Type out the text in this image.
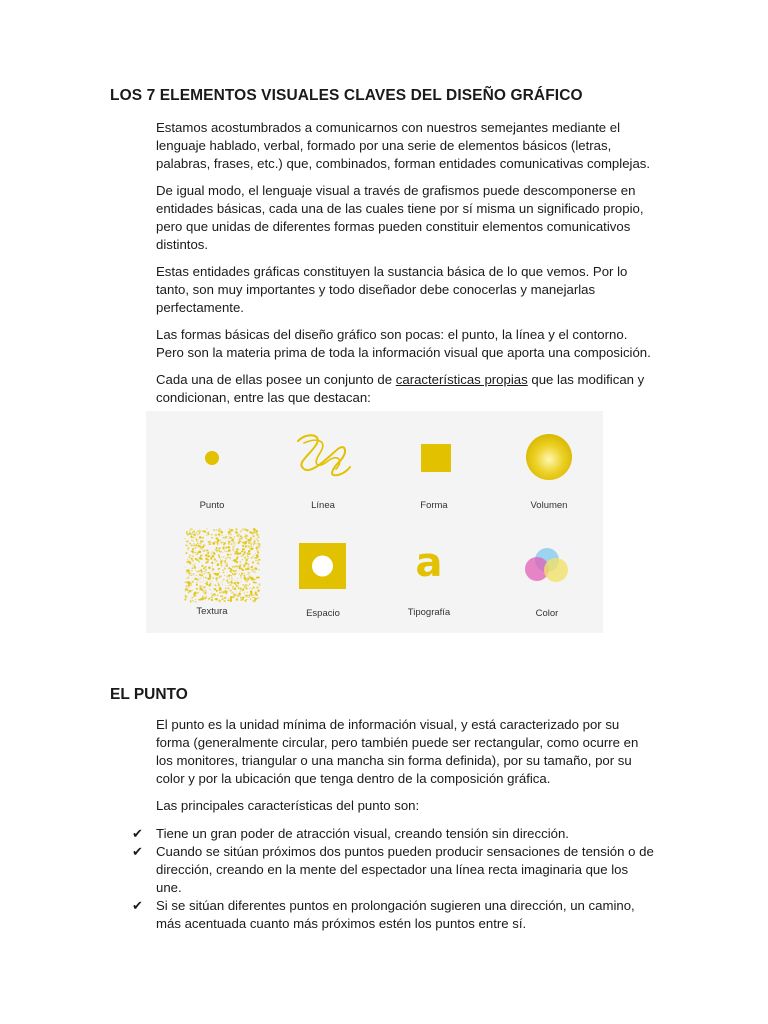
LOS 7 ELEMENTOS VISUALES CLAVES DEL DISEÑO GRÁFICO

Estamos acostumbrados a comunicarnos con nuestros semejantes mediante el lenguaje hablado, verbal, formado por una serie de elementos básicos (letras, palabras, frases, etc.) que, combinados, forman entidades comunicativas complejas.

De igual modo, el lenguaje visual a través de grafismos puede descomponerse en entidades básicas, cada una de las cuales tiene por sí misma un significado propio, pero que unidas de diferentes formas pueden constituir elementos comunicativos distintos.

Estas entidades gráficas constituyen la sustancia básica de lo que vemos. Por lo tanto, son muy importantes y todo diseñador debe conocerlas y manejarlas perfectamente.

Las formas básicas del diseño gráfico son pocas: el punto, la línea y el contorno. Pero son la materia prima de toda la información visual que aporta una composición.

Cada una de ellas posee un conjunto de características propias que las modifican y condicionan, entre las que destacan:

Punto	Línea	Forma	Volumen
Textura	Espacio
a
Tipografía	Color
EL PUNTO

El punto es la unidad mínima de información visual, y está caracterizado por su forma (generalmente circular, pero también puede ser rectangular, como ocurre en los monitores, triangular o una mancha sin forma definida), por su tamaño, por su color y por la ubicación que tenga dentro de la composición gráfica.

Las principales características del punto son:

✔ Tiene un gran poder de atracción visual, creando tensión sin dirección.
✔ Cuando se sitúan próximos dos puntos pueden producir sensaciones de tensión o de dirección, creando en la mente del espectador una línea recta imaginaria que los une.
✔ Si se sitúan diferentes puntos en prolongación sugieren una dirección, un camino, más acentuada cuanto más próximos estén los puntos entre sí.
